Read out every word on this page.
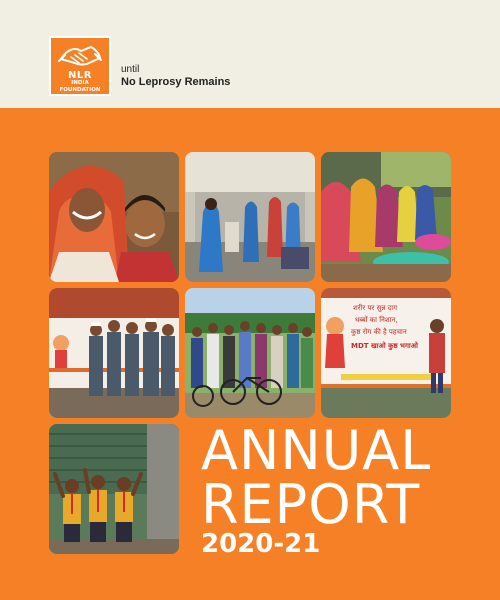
NLR
INDIA
FOUNDATION
until
No Leprosy Remains
शरीर पर सुन्न दाग
धब्बों का निशान,
कुष्ठ रोग की है पहचान
MDT खाओ कुष्ठ भगाओ
ANNUAL
REPORT
2020-21
